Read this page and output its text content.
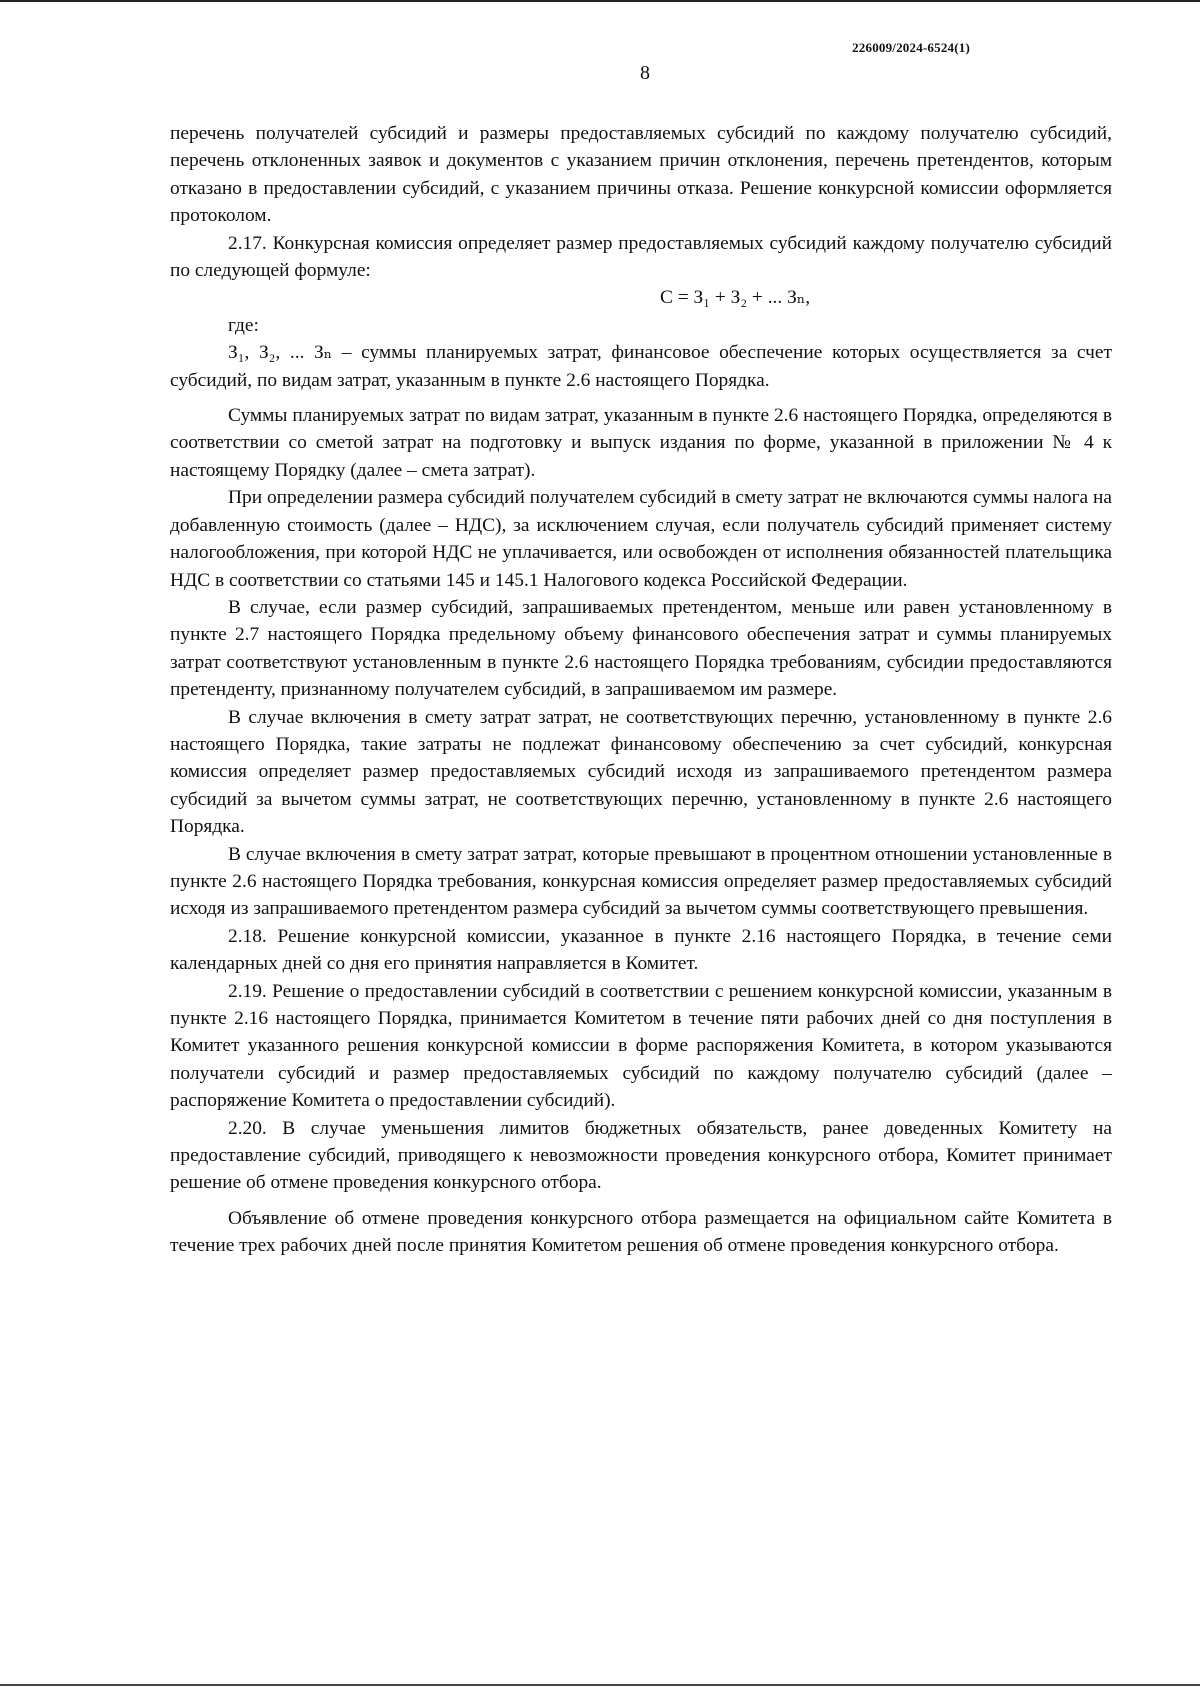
226009/2024-6524(1)
8

перечень получателей субсидий и размеры предоставляемых субсидий по каждому получателю субсидий, перечень отклоненных заявок и документов с указанием причин отклонения, перечень претендентов, которым отказано в предоставлении субсидий, с указанием причины отказа. Решение конкурсной комиссии оформляется протоколом.

2.17. Конкурсная комиссия определяет размер предоставляемых субсидий каждому получателю субсидий по следующей формуле:

С = З₁ + З₂ + ... Зₙ,

где:

З₁, З₂, ... Зₙ – суммы планируемых затрат, финансовое обеспечение которых осуществляется за счет субсидий, по видам затрат, указанным в пункте 2.6 настоящего Порядка.

Суммы планируемых затрат по видам затрат, указанным в пункте 2.6 настоящего Порядка, определяются в соответствии со сметой затрат на подготовку и выпуск издания по форме, указанной в приложении № 4 к настоящему Порядку (далее – смета затрат).

При определении размера субсидий получателем субсидий в смету затрат не включаются суммы налога на добавленную стоимость (далее – НДС), за исключением случая, если получатель субсидий применяет систему налогообложения, при которой НДС не уплачивается, или освобожден от исполнения обязанностей плательщика НДС в соответствии со статьями 145 и 145.1 Налогового кодекса Российской Федерации.

В случае, если размер субсидий, запрашиваемых претендентом, меньше или равен установленному в пункте 2.7 настоящего Порядка предельному объему финансового обеспечения затрат и суммы планируемых затрат соответствуют установленным в пункте 2.6 настоящего Порядка требованиям, субсидии предоставляются претенденту, признанному получателем субсидий, в запрашиваемом им размере.

В случае включения в смету затрат затрат, не соответствующих перечню, установленному в пункте 2.6 настоящего Порядка, такие затраты не подлежат финансовому обеспечению за счет субсидий, конкурсная комиссия определяет размер предоставляемых субсидий исходя из запрашиваемого претендентом размера субсидий за вычетом суммы затрат, не соответствующих перечню, установленному в пункте 2.6 настоящего Порядка.

В случае включения в смету затрат затрат, которые превышают в процентном отношении установленные в пункте 2.6 настоящего Порядка требования, конкурсная комиссия определяет размер предоставляемых субсидий исходя из запрашиваемого претендентом размера субсидий за вычетом суммы соответствующего превышения.

2.18. Решение конкурсной комиссии, указанное в пункте 2.16 настоящего Порядка, в течение семи календарных дней со дня его принятия направляется в Комитет.

2.19. Решение о предоставлении субсидий в соответствии с решением конкурсной комиссии, указанным в пункте 2.16 настоящего Порядка, принимается Комитетом в течение пяти рабочих дней со дня поступления в Комитет указанного решения конкурсной комиссии в форме распоряжения Комитета, в котором указываются получатели субсидий и размер предоставляемых субсидий по каждому получателю субсидий (далее – распоряжение Комитета о предоставлении субсидий).

2.20. В случае уменьшения лимитов бюджетных обязательств, ранее доведенных Комитету на предоставление субсидий, приводящего к невозможности проведения конкурсного отбора, Комитет принимает решение об отмене проведения конкурсного отбора.

Объявление об отмене проведения конкурсного отбора размещается на официальном сайте Комитета в течение трех рабочих дней после принятия Комитетом решения об отмене проведения конкурсного отбора.
